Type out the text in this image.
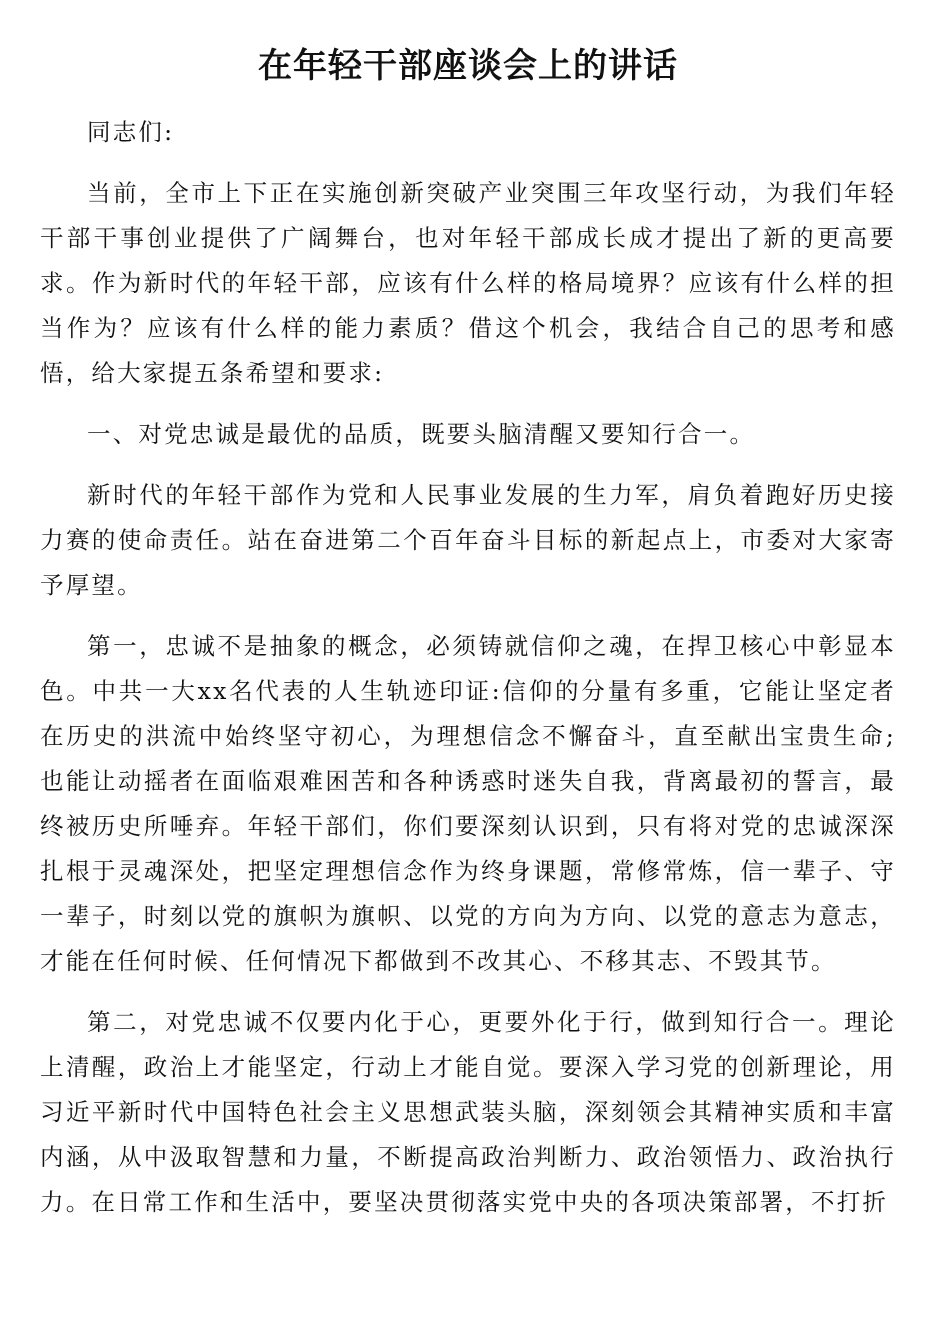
在年轻干部座谈会上的讲话

同志们:

当前，全市上下正在实施创新突破产业突围三年攻坚行动，为我们年轻干部干事创业提供了广阔舞台，也对年轻干部成长成才提出了新的更高要求。作为新时代的年轻干部，应该有什么样的格局境界？应该有什么样的担当作为？应该有什么样的能力素质？借这个机会，我结合自己的思考和感悟，给大家提五条希望和要求:

一、对党忠诚是最优的品质，既要头脑清醒又要知行合一。

新时代的年轻干部作为党和人民事业发展的生力军，肩负着跑好历史接力赛的使命责任。站在奋进第二个百年奋斗目标的新起点上，市委对大家寄予厚望。

第一，忠诚不是抽象的概念，必须铸就信仰之魂，在捍卫核心中彰显本色。中共一大xx名代表的人生轨迹印证:信仰的分量有多重，它能让坚定者在历史的洪流中始终坚守初心，为理想信念不懈奋斗，直至献出宝贵生命;也能让动摇者在面临艰难困苦和各种诱惑时迷失自我，背离最初的誓言，最终被历史所唾弃。年轻干部们，你们要深刻认识到，只有将对党的忠诚深深扎根于灵魂深处，把坚定理想信念作为终身课题，常修常炼，信一辈子、守一辈子，时刻以党的旗帜为旗帜、以党的方向为方向、以党的意志为意志，才能在任何时候、任何情况下都做到不改其心、不移其志、不毁其节。

第二，对党忠诚不仅要内化于心，更要外化于行，做到知行合一。理论上清醒，政治上才能坚定，行动上才能自觉。要深入学习党的创新理论，用习近平新时代中国特色社会主义思想武装头脑，深刻领会其精神实质和丰富内涵，从中汲取智慧和力量，不断提高政治判断力、政治领悟力、政治执行力。在日常工作和生活中，要坚决贯彻落实党中央的各项决策部署，不打折
